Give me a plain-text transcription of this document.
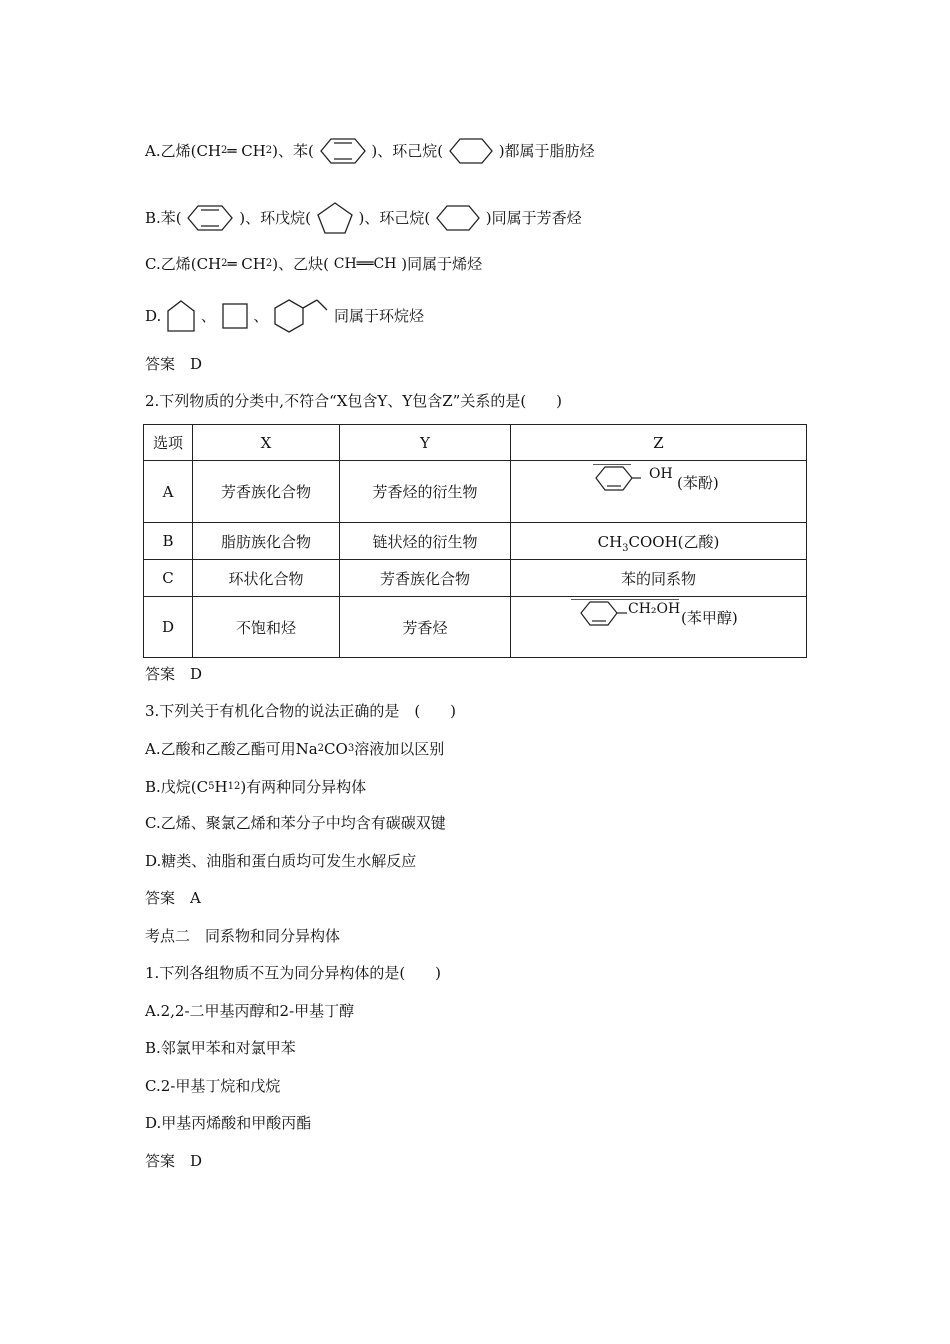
A.乙烯(CH2═ CH2)、苯(	)、环己烷(	)都属于脂肪烃
B.苯(	)、环戊烷(	)、环己烷(	)同属于芳香烃
C.乙烯(CH2═ CH2)、乙炔( CH══CH )同属于烯烃
D.	、	、	同属于环烷烃
答案　D
2.下列物质的分类中,不符合“X包含Y、Y包含Z”关系的是(　　)
选项	X	Y	Z
A	芳香族化合物	芳香烃的衍生物	OH (苯酚)

B	脂肪族化合物	链状烃的衍生物	$CH_3COOH$(乙酸)
C	环状化合物	芳香族化合物	苯的同系物
D	不饱和烃	芳香烃	CH₂OH (苯甲醇)
答案　D
3.下列关于有机化合物的说法正确的是　(　　)
A.乙酸和乙酸乙酯可用Na2CO3溶液加以区别
B.戊烷(C5H12)有两种同分异构体
C.乙烯、聚氯乙烯和苯分子中均含有碳碳双键
D.糖类、油脂和蛋白质均可发生水解反应
答案　A
考点二　同系物和同分异构体
1.下列各组物质不互为同分异构体的是(　　)
A.2,2-二甲基丙醇和2-甲基丁醇
B.邻氯甲苯和对氯甲苯
C.2-甲基丁烷和戊烷
D.甲基丙烯酸和甲酸丙酯
答案　D
